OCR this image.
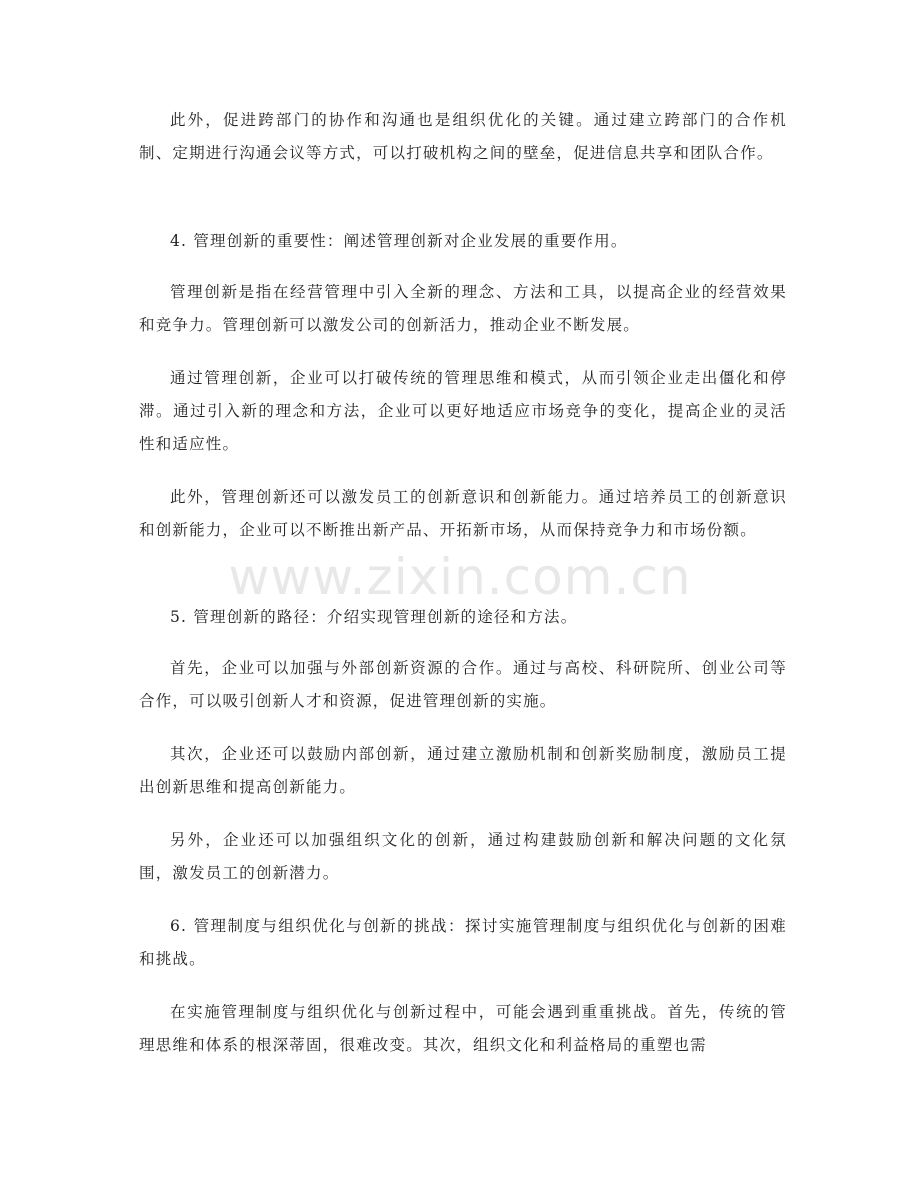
此外，促进跨部门的协作和沟通也是组织优化的关键。通过建立跨部门的合作机制、定期进行沟通会议等方式，可以打破机构之间的壁垒，促进信息共享和团队合作。

4. 管理创新的重要性：阐述管理创新对企业发展的重要作用。

管理创新是指在经营管理中引入全新的理念、方法和工具，以提高企业的经营效果和竞争力。管理创新可以激发公司的创新活力，推动企业不断发展。

通过管理创新，企业可以打破传统的管理思维和模式，从而引领企业走出僵化和停滞。通过引入新的理念和方法，企业可以更好地适应市场竞争的变化，提高企业的灵活性和适应性。

此外，管理创新还可以激发员工的创新意识和创新能力。通过培养员工的创新意识和创新能力，企业可以不断推出新产品、开拓新市场，从而保持竞争力和市场份额。

5. 管理创新的路径：介绍实现管理创新的途径和方法。

首先，企业可以加强与外部创新资源的合作。通过与高校、科研院所、创业公司等合作，可以吸引创新人才和资源，促进管理创新的实施。

其次，企业还可以鼓励内部创新，通过建立激励机制和创新奖励制度，激励员工提出创新思维和提高创新能力。

另外，企业还可以加强组织文化的创新，通过构建鼓励创新和解决问题的文化氛围，激发员工的创新潜力。

6. 管理制度与组织优化与创新的挑战：探讨实施管理制度与组织优化与创新的困难和挑战。

在实施管理制度与组织优化与创新过程中，可能会遇到重重挑战。首先，传统的管理思维和体系的根深蒂固，很难改变。其次，组织文化和利益格局的重塑也需

www.zixin.com.cn
